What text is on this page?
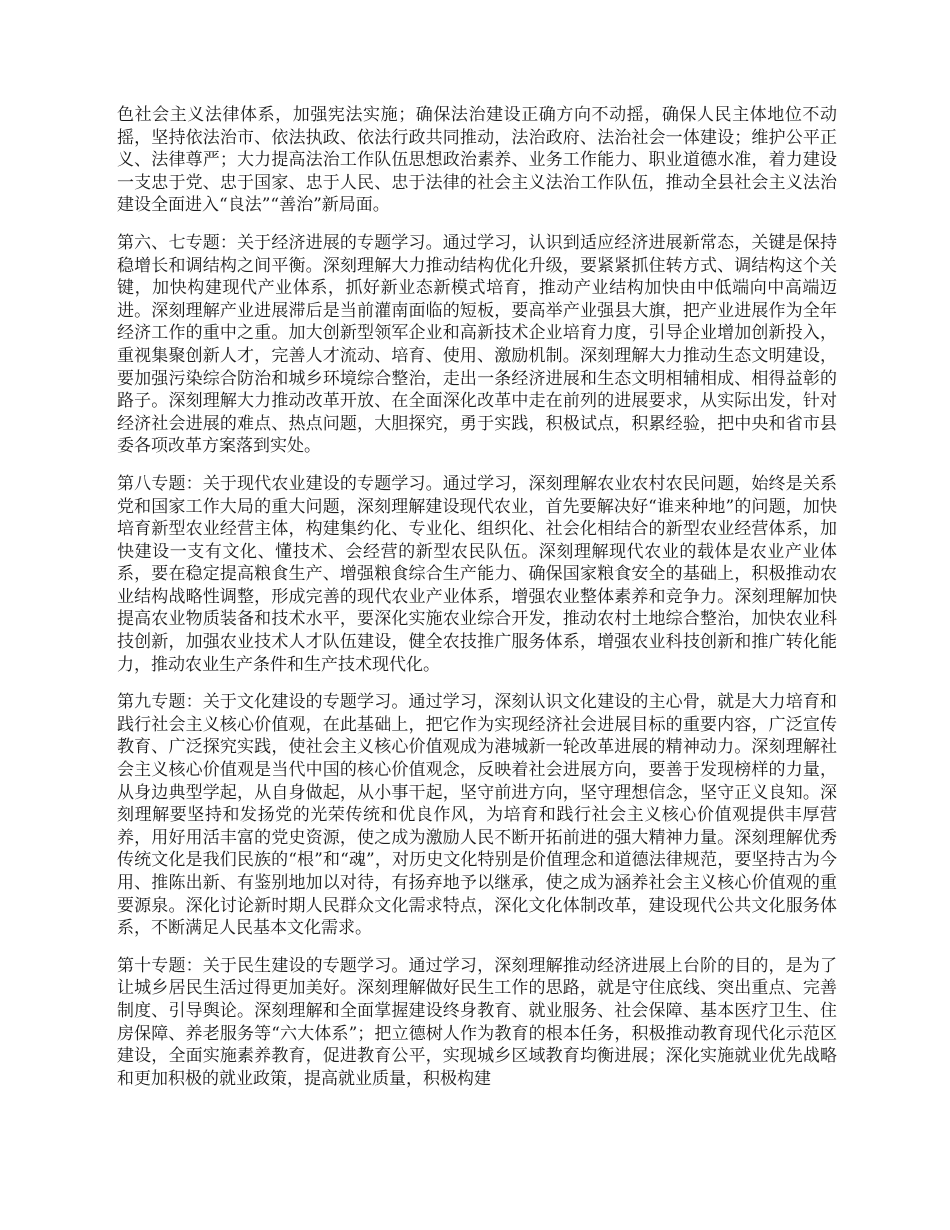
色社会主义法律体系，加强宪法实施；确保法治建设正确方向不动摇，确保人民主体地位不动摇，坚持依法治市、依法执政、依法行政共同推动，法治政府、法治社会一体建设；维护公平正义、法律尊严；大力提高法治工作队伍思想政治素养、业务工作能力、职业道德水准，着力建设一支忠于党、忠于国家、忠于人民、忠于法律的社会主义法治工作队伍，推动全县社会主义法治建设全面进入“良法”“善治”新局面。

第六、七专题：关于经济进展的专题学习。通过学习，认识到适应经济进展新常态，关键是保持稳增长和调结构之间平衡。深刻理解大力推动结构优化升级，要紧紧抓住转方式、调结构这个关键，加快构建现代产业体系，抓好新业态新模式培育，推动产业结构加快由中低端向中高端迈进。深刻理解产业进展滞后是当前灌南面临的短板，要高举产业强县大旗，把产业进展作为全年经济工作的重中之重。加大创新型领军企业和高新技术企业培育力度，引导企业增加创新投入，重视集聚创新人才，完善人才流动、培育、使用、激励机制。深刻理解大力推动生态文明建设，要加强污染综合防治和城乡环境综合整治，走出一条经济进展和生态文明相辅相成、相得益彰的路子。深刻理解大力推动改革开放、在全面深化改革中走在前列的进展要求，从实际出发，针对经济社会进展的难点、热点问题，大胆探究，勇于实践，积极试点，积累经验，把中央和省市县委各项改革方案落到实处。

第八专题：关于现代农业建设的专题学习。通过学习，深刻理解农业农村农民问题，始终是关系党和国家工作大局的重大问题，深刻理解建设现代农业，首先要解决好“谁来种地”的问题，加快培育新型农业经营主体，构建集约化、专业化、组织化、社会化相结合的新型农业经营体系，加快建设一支有文化、懂技术、会经营的新型农民队伍。深刻理解现代农业的载体是农业产业体系，要在稳定提高粮食生产、增强粮食综合生产能力、确保国家粮食安全的基础上，积极推动农业结构战略性调整，形成完善的现代农业产业体系，增强农业整体素养和竞争力。深刻理解加快提高农业物质装备和技术水平，要深化实施农业综合开发，推动农村土地综合整治，加快农业科技创新，加强农业技术人才队伍建设，健全农技推广服务体系，增强农业科技创新和推广转化能力，推动农业生产条件和生产技术现代化。

第九专题：关于文化建设的专题学习。通过学习，深刻认识文化建设的主心骨，就是大力培育和践行社会主义核心价值观，在此基础上，把它作为实现经济社会进展目标的重要内容，广泛宣传教育、广泛探究实践，使社会主义核心价值观成为港城新一轮改革进展的精神动力。深刻理解社会主义核心价值观是当代中国的核心价值观念，反映着社会进展方向，要善于发现榜样的力量，从身边典型学起，从自身做起，从小事干起，坚守前进方向，坚守理想信念，坚守正义良知。深刻理解要坚持和发扬党的光荣传统和优良作风，为培育和践行社会主义核心价值观提供丰厚营养，用好用活丰富的党史资源，使之成为激励人民不断开拓前进的强大精神力量。深刻理解优秀传统文化是我们民族的“根”和“魂”，对历史文化特别是价值理念和道德法律规范，要坚持古为今用、推陈出新、有鉴别地加以对待，有扬弃地予以继承，使之成为涵养社会主义核心价值观的重要源泉。深化讨论新时期人民群众文化需求特点，深化文化体制改革，建设现代公共文化服务体系，不断满足人民基本文化需求。

第十专题：关于民生建设的专题学习。通过学习，深刻理解推动经济进展上台阶的目的，是为了让城乡居民生活过得更加美好。深刻理解做好民生工作的思路，就是守住底线、突出重点、完善制度、引导舆论。深刻理解和全面掌握建设终身教育、就业服务、社会保障、基本医疗卫生、住房保障、养老服务等“六大体系”；把立德树人作为教育的根本任务，积极推动教育现代化示范区建设，全面实施素养教育，促进教育公平，实现城乡区域教育均衡进展；深化实施就业优先战略和更加积极的就业政策，提高就业质量，积极构建
